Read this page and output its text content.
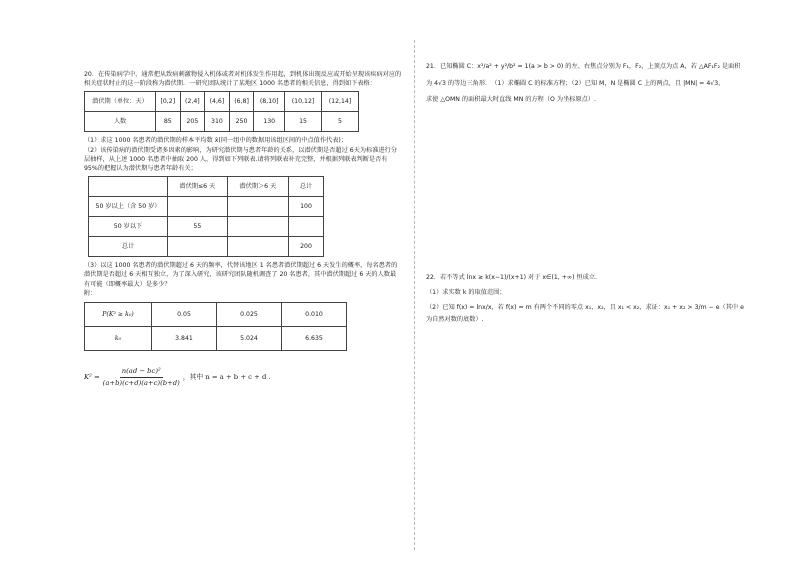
20．在传染病学中，通常把从致病刺激物侵入机体或者对机体发生作用起，到机体出现反应或开始呈现该疾病对应的相关症状时止的这一阶段称为潜伏期．一研究团队统计了某地区 1000 名患者的相关信息，得到如下表格：

潜伏期（单位：天）	[0,2]	(2,4]	(4,6]	(6,8]	(8,10]	(10,12]	(12,14]
人数	85	205	310	250	130	15	5

（1）求这 1000 名患者的潜伏期的样本平均数 x̄(同一组中的数据用该组区间的中点值作代表)；

（2）该传染病的潜伏期受诸多因素的影响，为研究潜伏期与患者年龄的关系，以潜伏期是否超过 6天为标准进行分层抽样，从上述 1000 名患者中抽取 200 人，得到如下列联表.请将列联表补充完整，并根据列联表判断是否有 95%的把握认为潜伏期与患者年龄有关；

	潜伏期≤6 天	潜伏期＞6 天	总计
50 岁以上（含 50 岁）			100
50 岁以下	55		
总计			200

（3）以这 1000 名患者的潜伏期超过 6 天的频率，代替该地区 1 名患者潜伏期超过 6 天发生的概率，每名患者的潜伏期是否超过 6 天相互独立，为了深入研究，该研究团队随机调查了 20 名患者，其中潜伏期超过 6 天的人数最有可能（即概率最大）是多少？

附：

P(K² ≥ k₀)	0.05	0.025	0.010
k₀	3.841	5.024	6.635
$K^2 = \frac{\text{n(ad − bc)²}}{(a+b)(c+d)(a+c)(b+d)}$ ，其中 n = a + b + c + d .

21．已知椭圆 C：x²/a² + y²/b² = 1(a > b > 0) 的左、右焦点分别为 F₁，F₂，上顶点为点 A，若 △AF₁F₂ 是面积

为 4√3 的等边三角形．　（1）求椭圆 C 的标准方程；（2）已知 M，N 是椭圆 C 上的两点，且 |MN| = 4√3，

求使 △OMN 的面积最大时直线 MN 的方程（O 为坐标原点）.

22．若不等式 lnx ≥ k(x−1)/(x+1) 对于 x∈(1, +∞) 恒成立.

（1）求实数 k 的取值范围；

（2）已知 f(x) = lnx/x，若 f(x) = m 有两个不同的零点 x₁，x₂，且 x₁ < x₂，求证：x₁ + x₂ > 3/m − e（其中 e

为自然对数的底数）.
